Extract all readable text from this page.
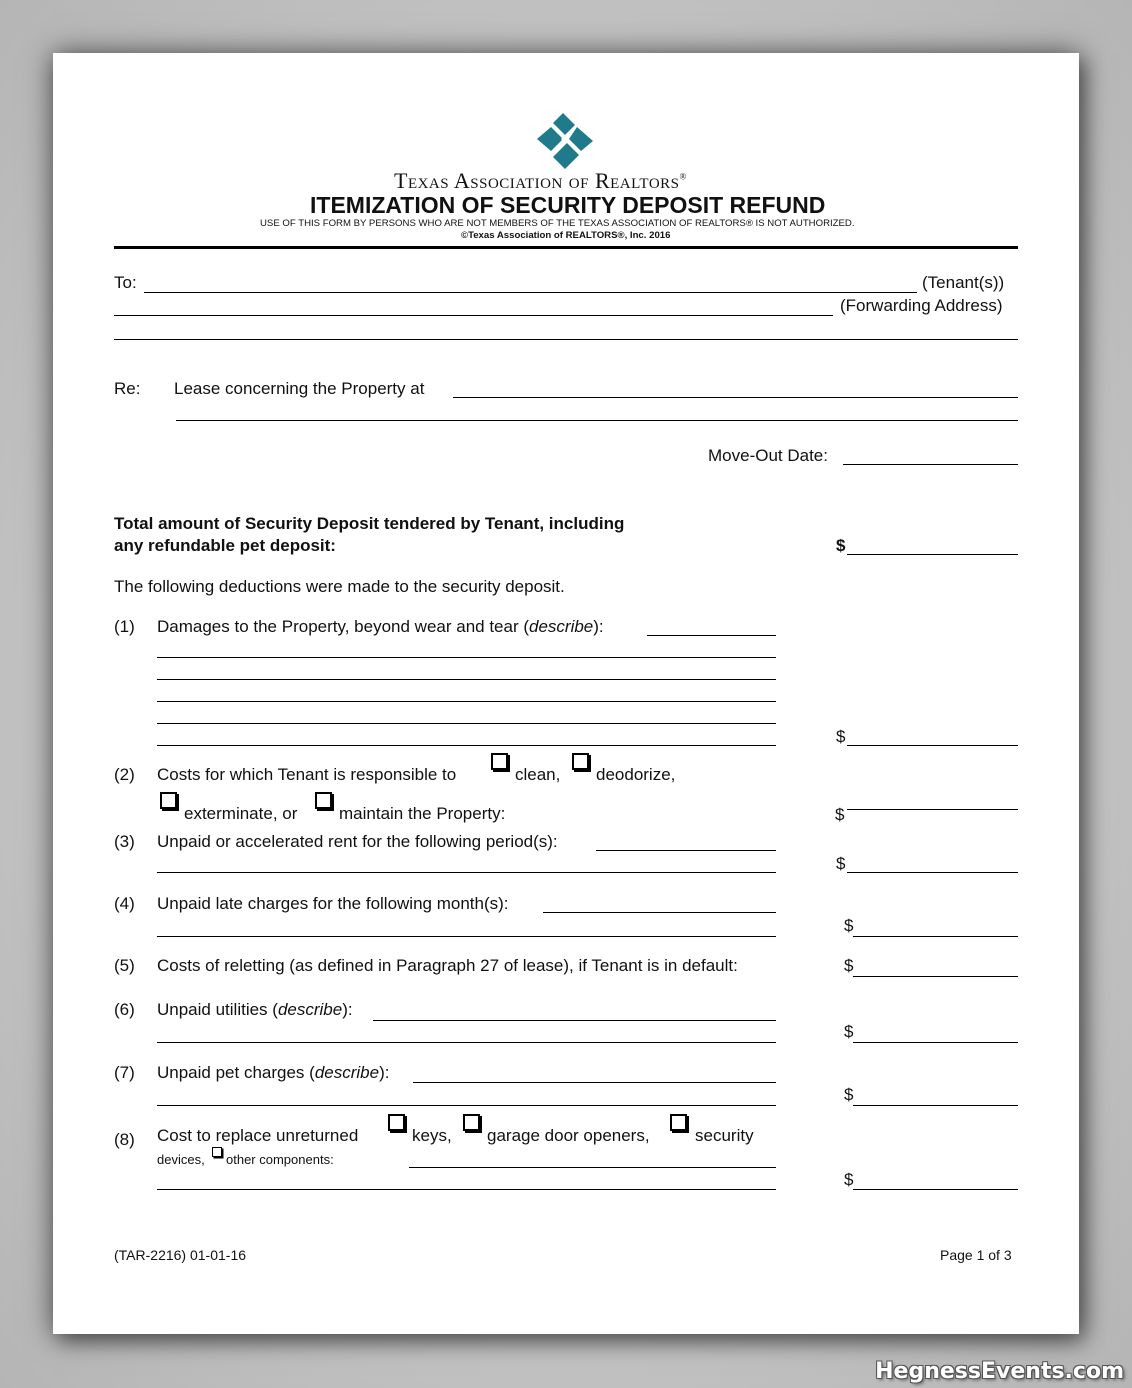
Texas Association of Realtors®
ITEMIZATION OF SECURITY DEPOSIT REFUND
USE OF THIS FORM BY PERSONS WHO ARE NOT MEMBERS OF THE TEXAS ASSOCIATION OF REALTORS® IS NOT AUTHORIZED.
©Texas Association of REALTORS®, Inc. 2016
To:	(Tenant(s))
(Forwarding Address)
Re: Lease concerning the Property at
Move-Out Date:
Total amount of Security Deposit tendered by Tenant, including
any refundable pet deposit:	$
The following deductions were made to the security deposit.
(1) Damages to the Property, beyond wear and tear (describe):
$
(2) Costs for which Tenant is responsible to	clean, deodorize,
exterminate, or maintain the Property:	$
(3) Unpaid or accelerated rent for the following period(s):
$
(4) Unpaid late charges for the following month(s):
$
(5) Costs of reletting (as defined in Paragraph 27 of lease), if Tenant is in default:	$
(6) Unpaid utilities (describe):
$
(7) Unpaid pet charges (describe):
$
(8) Cost to replace unreturned	keys, garage door openers,	security
devices, other components:
$
(TAR-2216) 01-01-16	Page 1 of 3
HegnessEvents.com
